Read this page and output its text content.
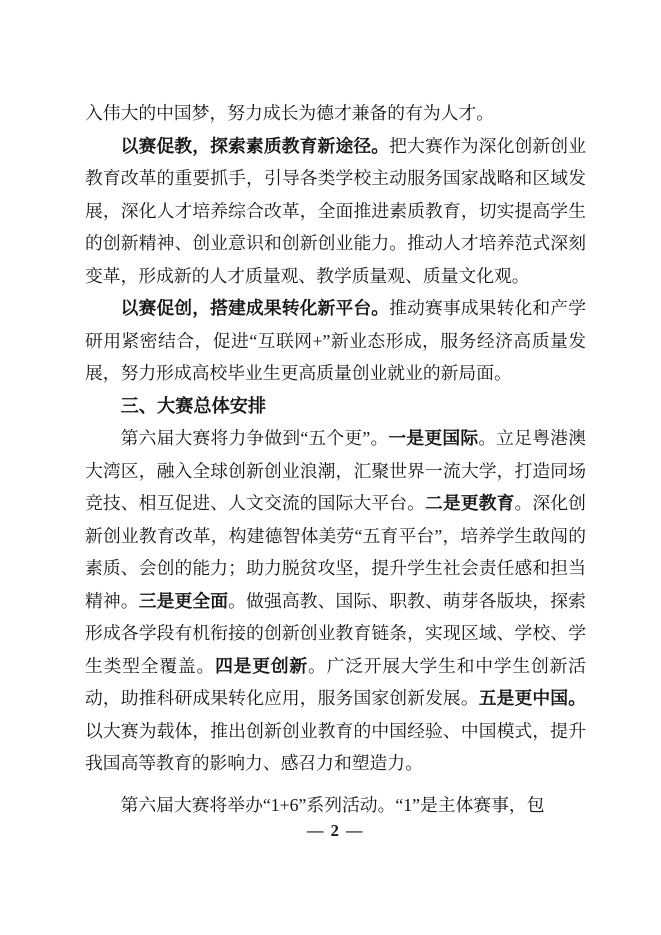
入伟大的中国梦，努力成长为德才兼备的有为人才。

以赛促教，探索素质教育新途径。把大赛作为深化创新创业教育改革的重要抓手，引导各类学校主动服务国家战略和区域发展，深化人才培养综合改革，全面推进素质教育，切实提高学生的创新精神、创业意识和创新创业能力。推动人才培养范式深刻变革，形成新的人才质量观、教学质量观、质量文化观。

以赛促创，搭建成果转化新平台。推动赛事成果转化和产学研用紧密结合，促进“互联网+”新业态形成，服务经济高质量发展，努力形成高校毕业生更高质量创业就业的新局面。

三、大赛总体安排

第六届大赛将力争做到“五个更”。一是更国际。立足粤港澳大湾区，融入全球创新创业浪潮，汇聚世界一流大学，打造同场竞技、相互促进、人文交流的国际大平台。二是更教育。深化创新创业教育改革，构建德智体美劳“五育平台”，培养学生敢闯的素质、会创的能力；助力脱贫攻坚，提升学生社会责任感和担当精神。三是更全面。做强高教、国际、职教、萌芽各版块，探索形成各学段有机衔接的创新创业教育链条，实现区域、学校、学生类型全覆盖。四是更创新。广泛开展大学生和中学生创新活动，助推科研成果转化应用，服务国家创新发展。五是更中国。以大赛为载体，推出创新创业教育的中国经验、中国模式，提升我国高等教育的影响力、感召力和塑造力。

第六届大赛将举办“1+6”系列活动。“1”是主体赛事，包

— 2 —
